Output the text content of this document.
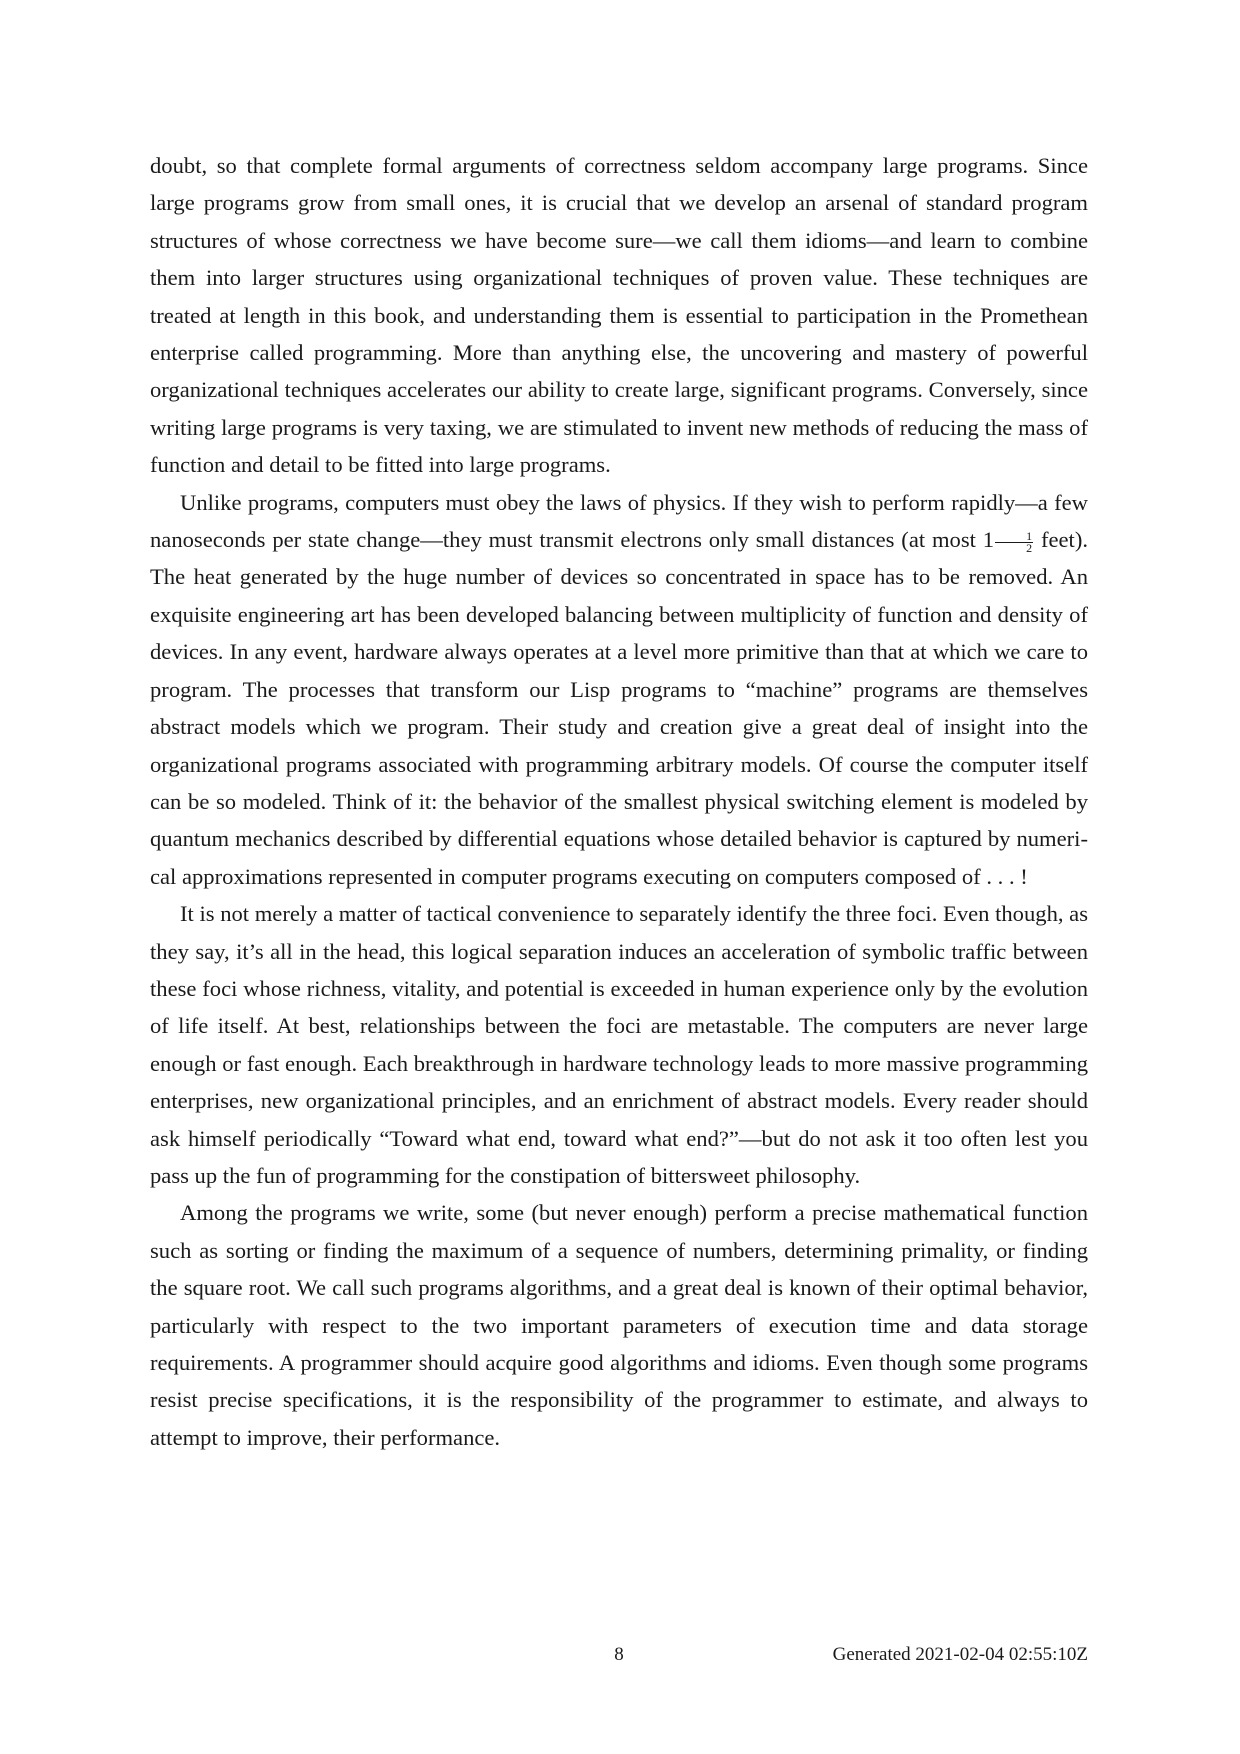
doubt, so that complete formal arguments of correctness seldom accompany large programs. Since large programs grow from small ones, it is crucial that we develop an arsenal of standard program structures of whose correctness we have become sure—we call them idioms—and learn to combine them into larger structures using organizational techniques of proven value. These techniques are treated at length in this book, and understanding them is essential to participation in the Promethean enterprise called programming. More than anything else, the uncovering and mastery of powerful organizational techniques accelerates our ability to create large, significant programs. Conversely, since writing large programs is very taxing, we are stimulated to invent new methods of reducing the mass of function and detail to be fitted into large programs.

Unlike programs, computers must obey the laws of physics. If they wish to perform rapidly—a few nanoseconds per state change—they must transmit electrons only small distances (at most $1 \frac{1}{2}$ feet). The heat generated by the huge number of devices so concentrated in space has to be removed. An exquisite engineering art has been developed balancing between multiplicity of function and density of devices. In any event, hardware always operates at a level more primitive than that at which we care to program. The processes that transform our Lisp programs to “machine” programs are themselves abstract models which we program. Their study and creation give a great deal of insight into the organizational programs associated with programming arbitrary models. Of course the computer itself can be so modeled. Think of it: the behavior of the smallest physical switching element is modeled by quantum mechanics described by differential equations whose detailed behavior is captured by numerical approximations represented in computer programs executing on computers composed of . . . !

It is not merely a matter of tactical convenience to separately identify the three foci. Even though, as they say, it’s all in the head, this logical separation induces an acceleration of symbolic traffic between these foci whose richness, vitality, and potential is exceeded in human experience only by the evolution of life itself. At best, relationships between the foci are metastable. The computers are never large enough or fast enough. Each breakthrough in hardware technology leads to more massive programming enterprises, new organizational principles, and an enrichment of abstract models. Every reader should ask himself periodically “Toward what end, toward what end?”—but do not ask it too often lest you pass up the fun of programming for the constipation of bittersweet philosophy.

Among the programs we write, some (but never enough) perform a precise mathematical function such as sorting or finding the maximum of a sequence of numbers, determining primality, or finding the square root. We call such programs algorithms, and a great deal is known of their optimal behavior, particularly with respect to the two important parameters of execution time and data storage requirements. A programmer should acquire good algorithms and idioms. Even though some programs resist precise specifications, it is the responsibility of the programmer to estimate, and always to attempt to improve, their performance.

8	Generated 2021-02-04 02:55:10Z
